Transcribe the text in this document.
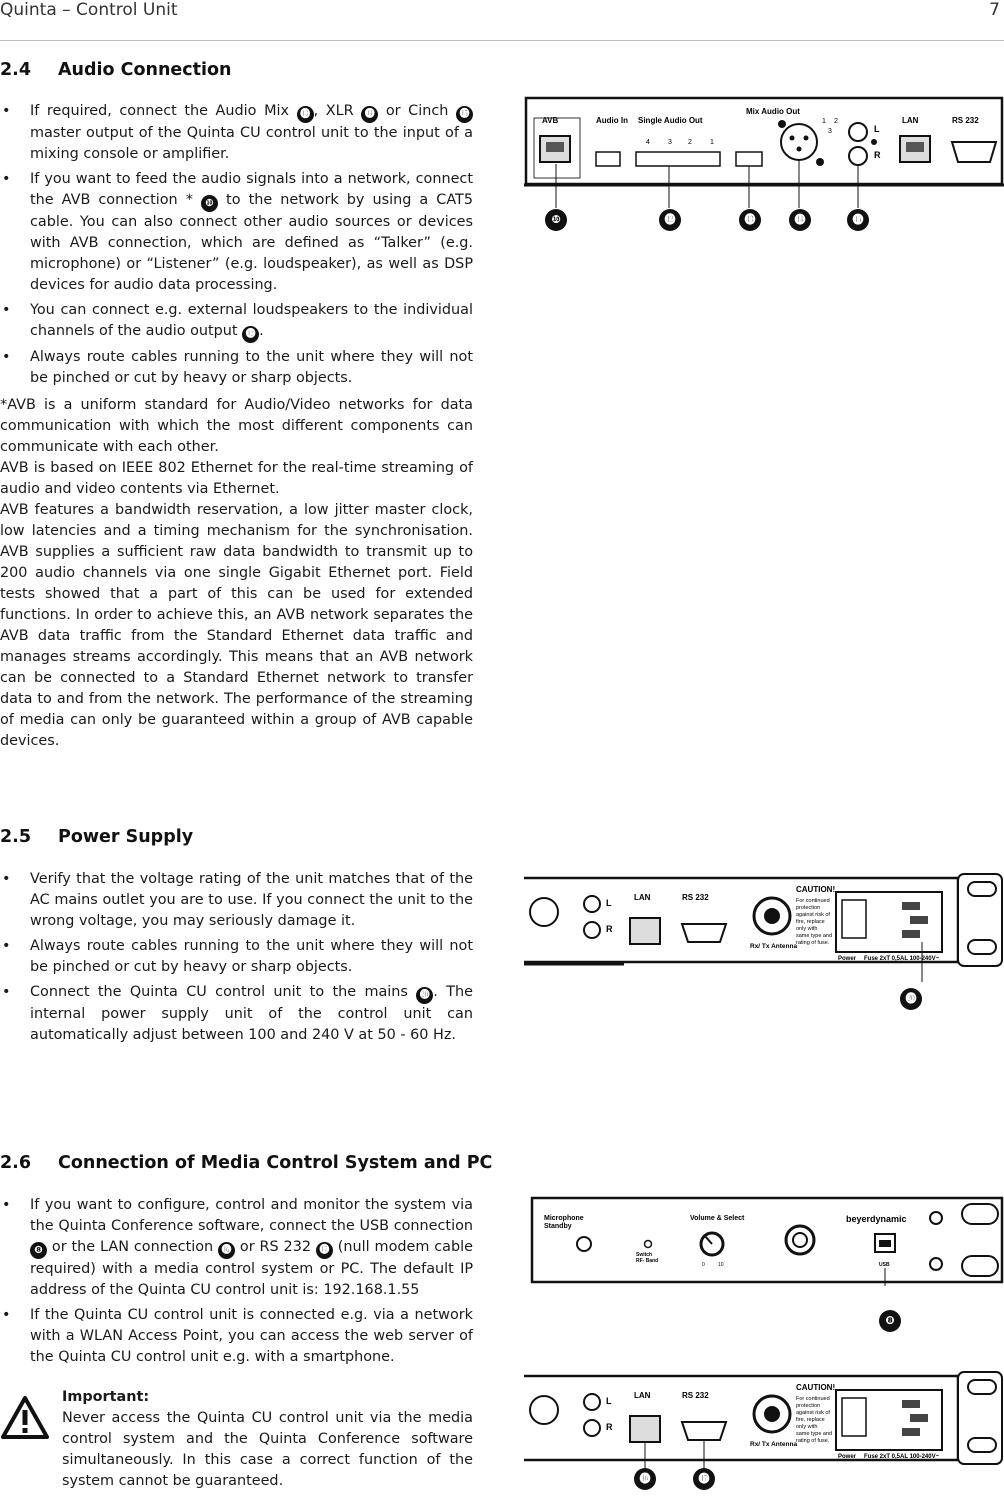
Quinta – Control Unit	7
2.4 Audio Connection
• If required, connect the Audio Mix ⓭ , XLR ⓮ or Cinch ⓯ master output of the Quinta CU control unit to the input of a mixing console or amplifier.
• If you want to feed the audio signals into a network, connect the AVB connection * ❿ to the network by using a CAT5 cable. You can also connect other audio sources or devices with AVB connection, which are defined as “Talker” (e.g. microphone) or “Listener” (e.g. loudspeaker), as well as DSP devices for audio data processing.
• You can connect e.g. external loudspeakers to the individual channels of the audio output ⓬ .
• Always route cables running to the unit where they will not be pinched or cut by heavy or sharp objects.

*AVB is a uniform standard for Audio/Video networks for data communication with which the most different components can communicate with each other.

AVB is based on IEEE 802 Ethernet for the real-time streaming of audio and video contents via Ethernet.

AVB features a bandwidth reservation, a low jitter master clock, low latencies and a timing mechanism for the synchronisation. AVB supplies a sufficient raw data bandwidth to transmit up to 200 audio channels via one single Gigabit Ethernet port. Field tests showed that a part of this can be used for extended functions. In order to achieve this, an AVB network separates the AVB data traffic from the Standard Ethernet data traffic and manages streams accordingly. This means that an AVB network can be connected to a Standard Ethernet network to transfer data to and from the network. The performance of the streaming of media can only be guaranteed within a group of AVB capable devices.

AVB	Audio In Single Audio Out
4	3 2	1
Mix Audio Out
1 2
3	L
R
LAN	RS 232
❿	⓬	⓭	⓮	⓯
2.5 Power Supply
• Verify that the voltage rating of the unit matches that of the AC mains outlet you are to use. If you connect the unit to the wrong voltage, you may seriously damage it.
• Always route cables running to the unit where they will not be pinched or cut by heavy or sharp objects.
• Connect the Quinta CU control unit to the mains ⓴ . The internal power supply unit of the control unit can automatically adjust between 100 and 240 V at 50 - 60 Hz.
L
R
LAN	RS 232
Rx/ Tx Antenna
CAUTION!
For continued
protection
against risk of
fire, replace
only with
same type and
rating of fuse.
Power Fuse 2xT 0,5AL 100-240V~
⓴
2.6 Connection of Media Control System and PC
• If you want to configure, control and monitor the system via the Quinta Conference software, connect the USB connection ❽ or the LAN connection ⓰ or RS 232 ⓱ (null modem cable required) with a media control system or PC. The default IP address of the Quinta CU control unit is: 192.168.1.55
• If the Quinta CU control unit is connected e.g. via a network with a WLAN Access Point, you can access the web server of the Quinta CU control unit e.g. with a smartphone.

Important:

Never access the Quinta CU control unit via the media control system and the Quinta Conference software simultaneously. In this case a correct function of the system cannot be guaranteed.

Microphone
Standby
Switch
RF- Band
Volume & Select
0	10
beyerdynamic
USB
❽
L
R
LAN	RS 232
Rx/ Tx Antenna
CAUTION!
For continued
protection
against risk of
fire, replace
only with
same type and
rating of fuse.
Power Fuse 2xT 0,5AL 100-240V~
⓰	⓱
